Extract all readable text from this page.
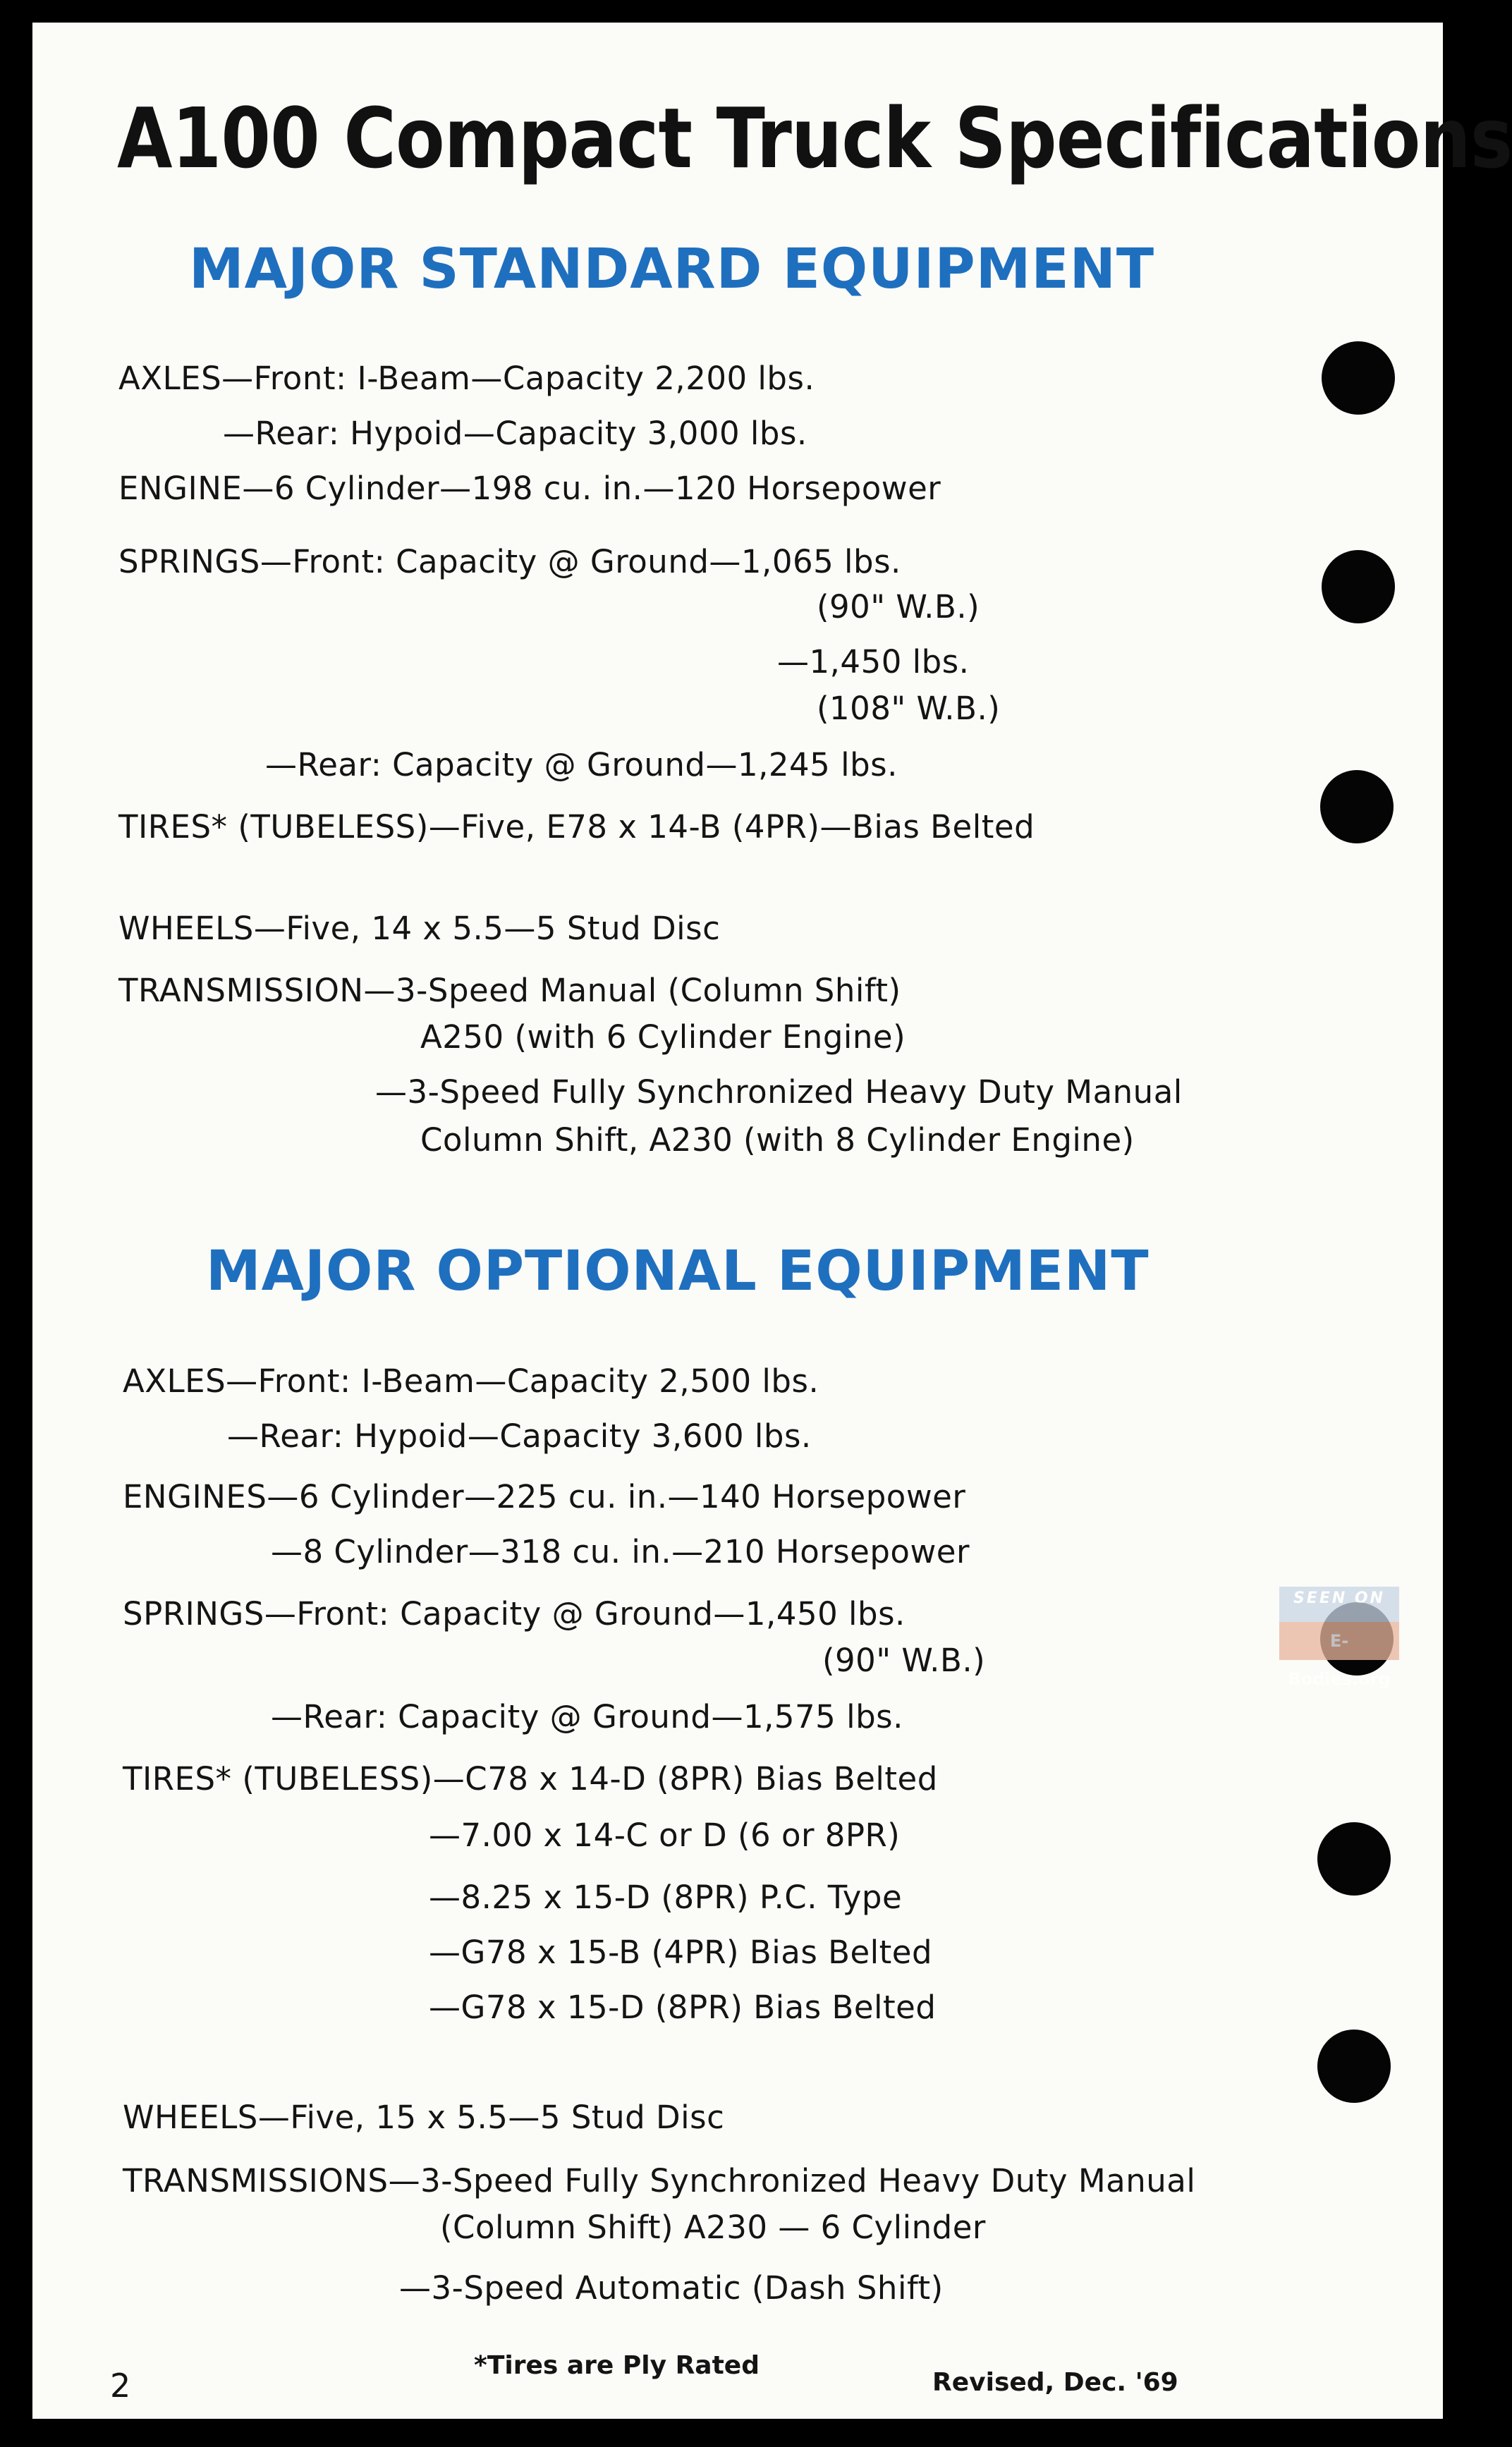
A100 Compact Truck Specifications
MAJOR STANDARD EQUIPMENT
AXLES—Front: I-Beam—Capacity 2,200 lbs.
—Rear: Hypoid—Capacity 3,000 lbs.
ENGINE—6 Cylinder—198 cu. in.—120 Horsepower
SPRINGS—Front: Capacity @ Ground—1,065 lbs.
(90" W.B.)
—1,450 lbs.
(108" W.B.)
—Rear: Capacity @ Ground—1,245 lbs.
TIRES* (TUBELESS)—Five, E78 x 14-B (4PR)—Bias Belted
WHEELS—Five, 14 x 5.5—5 Stud Disc
TRANSMISSION—3-Speed Manual (Column Shift)
A250 (with 6 Cylinder Engine)
—3-Speed Fully Synchronized Heavy Duty Manual
Column Shift, A230 (with 8 Cylinder Engine)
MAJOR OPTIONAL EQUIPMENT
AXLES—Front: I-Beam—Capacity 2,500 lbs.
—Rear: Hypoid—Capacity 3,600 lbs.
ENGINES—6 Cylinder—225 cu. in.—140 Horsepower
—8 Cylinder—318 cu. in.—210 Horsepower
SPRINGS—Front: Capacity @ Ground—1,450 lbs.
(90" W.B.)
—Rear: Capacity @ Ground—1,575 lbs.
TIRES* (TUBELESS)—C78 x 14-D (8PR) Bias Belted
—7.00 x 14-C or D (6 or 8PR)
—8.25 x 15-D (8PR) P.C. Type
—G78 x 15-B (4PR) Bias Belted
—G78 x 15-D (8PR) Bias Belted
WHEELS—Five, 15 x 5.5—5 Stud Disc
TRANSMISSIONS—3-Speed Fully Synchronized Heavy Duty Manual
(Column Shift) A230 — 6 Cylinder
—3-Speed Automatic (Dash Shift)
2
*Tires are Ply Rated
Revised, Dec. '69
SEEN ON
E-Bodies.org
